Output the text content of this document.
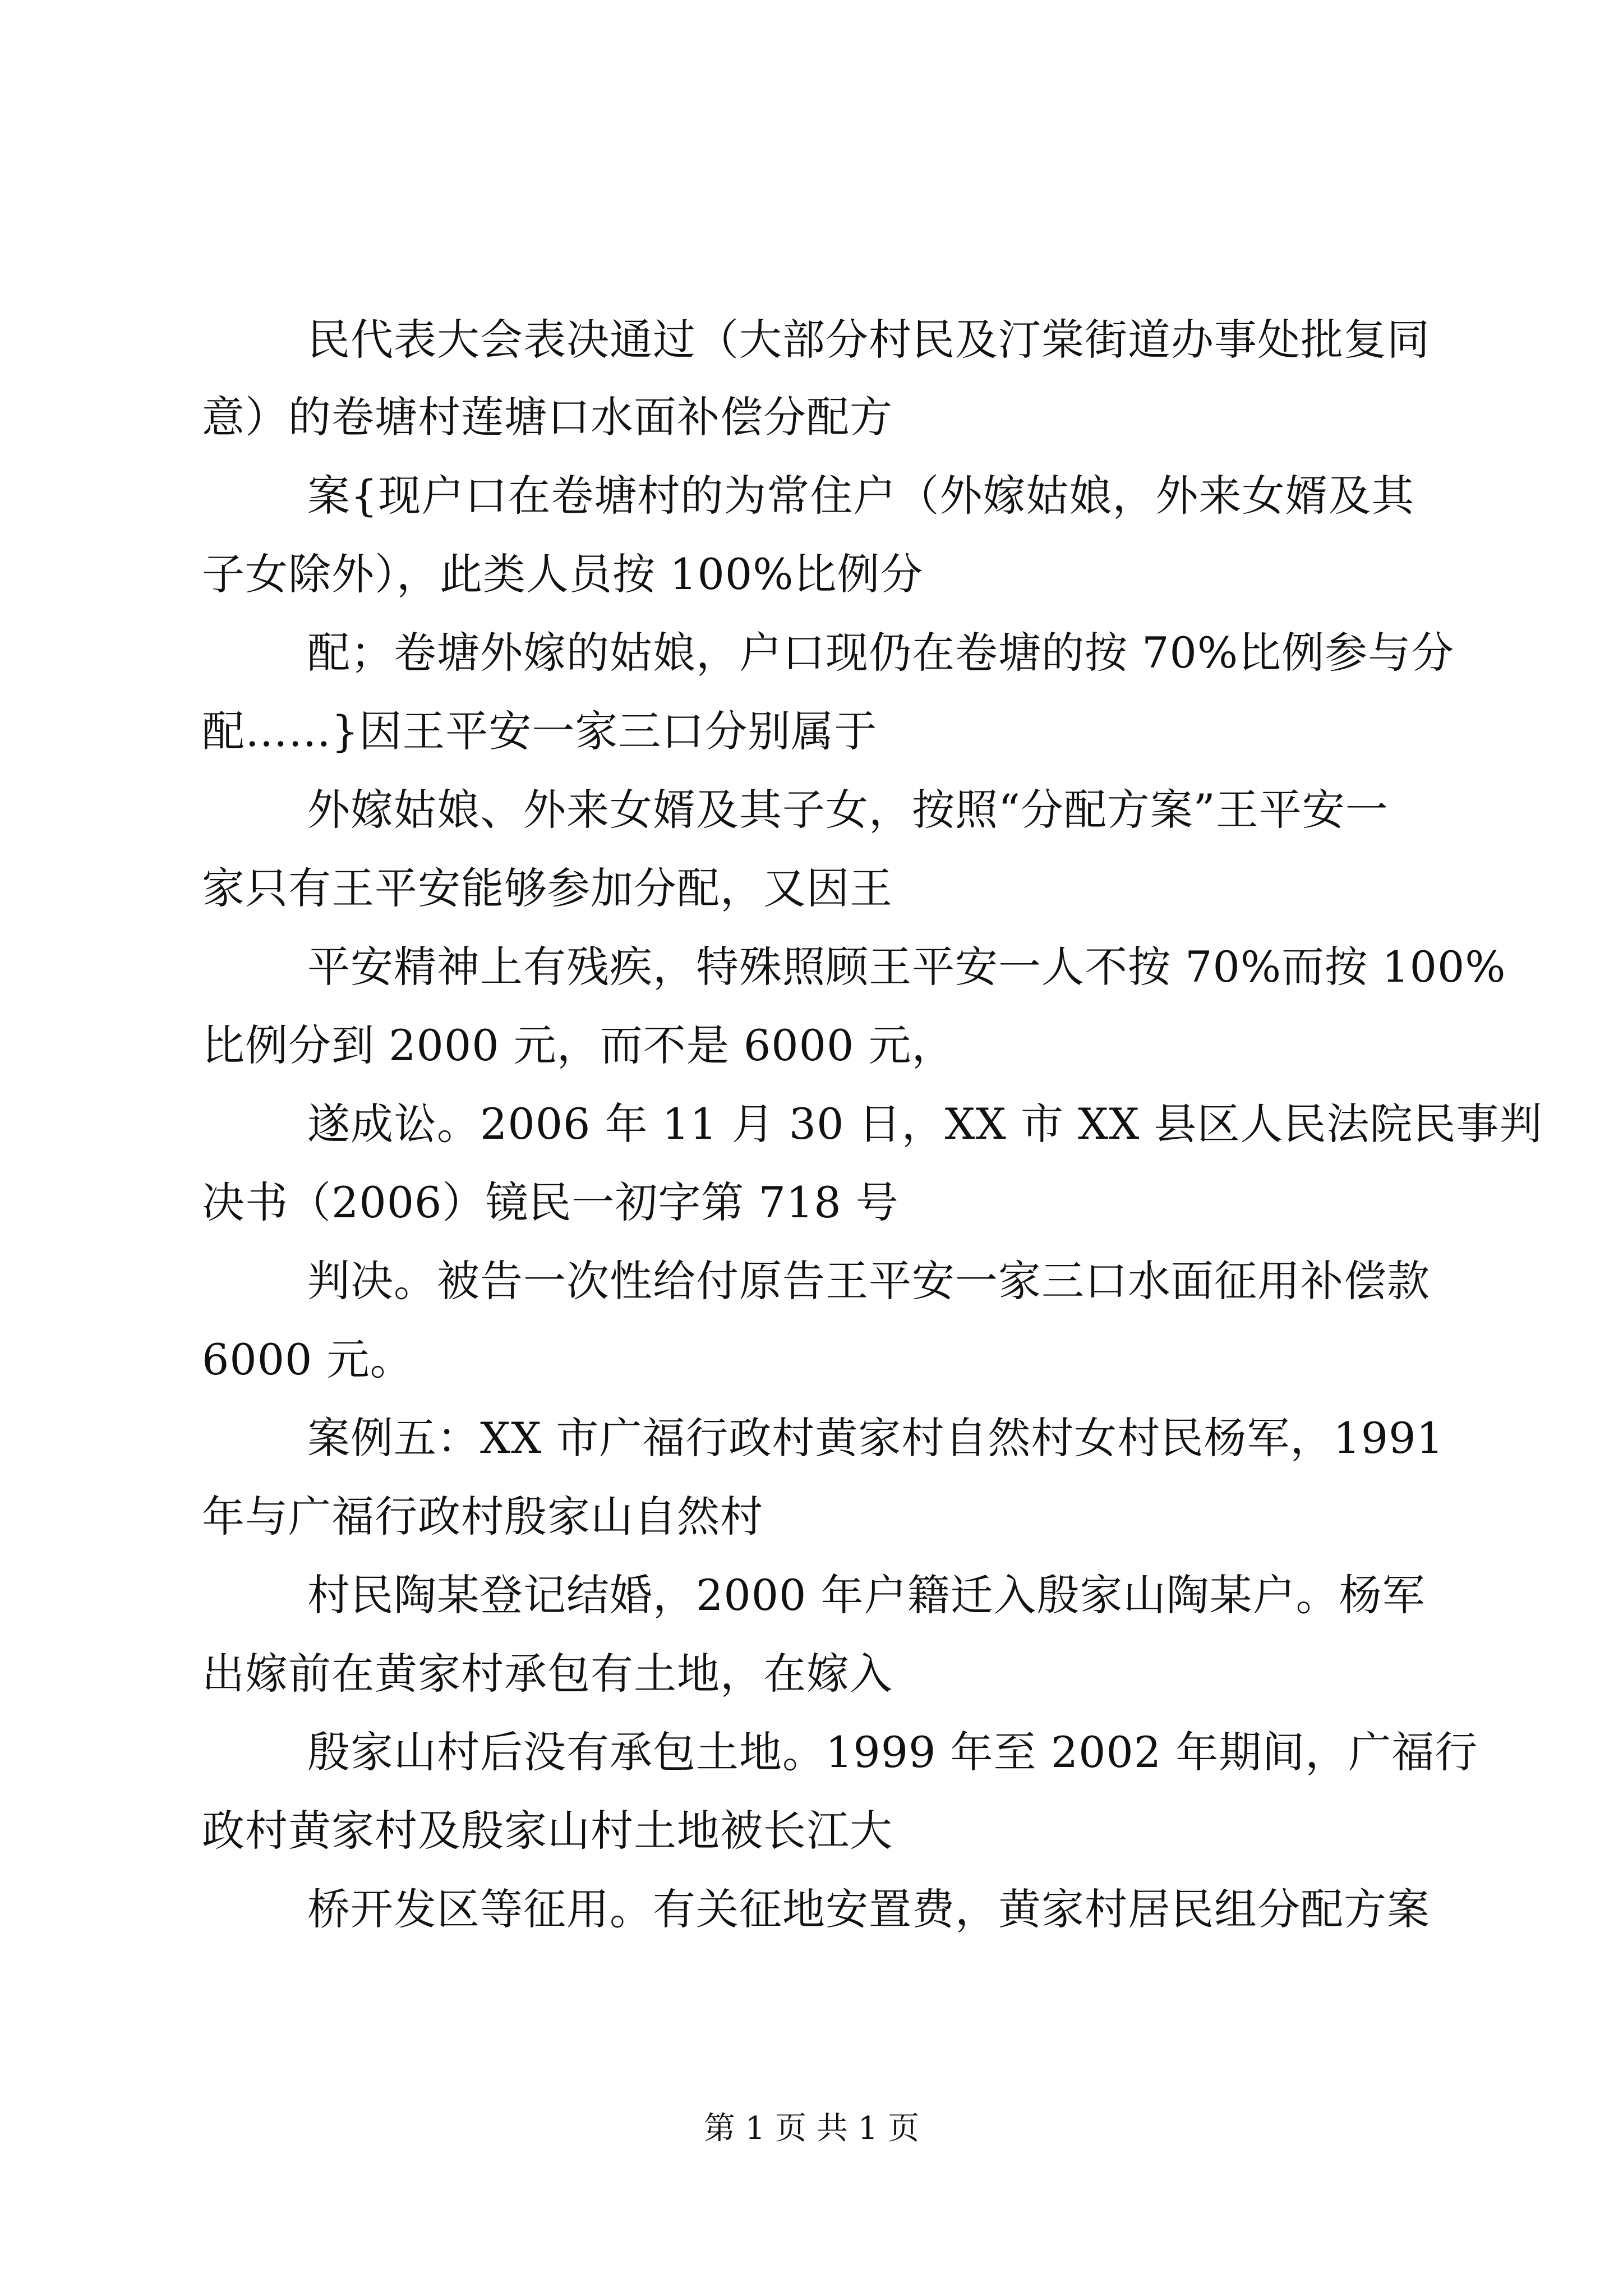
民代表大会表决通过（大部分村民及汀棠街道办事处批复同
意）的卷塘村莲塘口水面补偿分配方
案{现户口在卷塘村的为常住户（外嫁姑娘，外来女婿及其
子女除外），此类人员按 100%比例分
配；卷塘外嫁的姑娘，户口现仍在卷塘的按 70%比例参与分
配……}因王平安一家三口分别属于
外嫁姑娘、外来女婿及其子女，按照“分配方案”王平安一
家只有王平安能够参加分配，又因王
平安精神上有残疾，特殊照顾王平安一人不按 70%而按 100%
比例分到 2000 元，而不是 6000 元，
遂成讼。2006 年 11 月 30 日，XX 市 XX 县区人民法院民事判
决书（2006）镜民一初字第 718 号
判决。被告一次性给付原告王平安一家三口水面征用补偿款
6000 元。
案例五：XX 市广福行政村黄家村自然村女村民杨军，1991
年与广福行政村殷家山自然村
村民陶某登记结婚，2000 年户籍迁入殷家山陶某户。杨军
出嫁前在黄家村承包有土地，在嫁入
殷家山村后没有承包土地。1999 年至 2002 年期间，广福行
政村黄家村及殷家山村土地被长江大
桥开发区等征用。有关征地安置费，黄家村居民组分配方案
第 1 页 共 1 页
